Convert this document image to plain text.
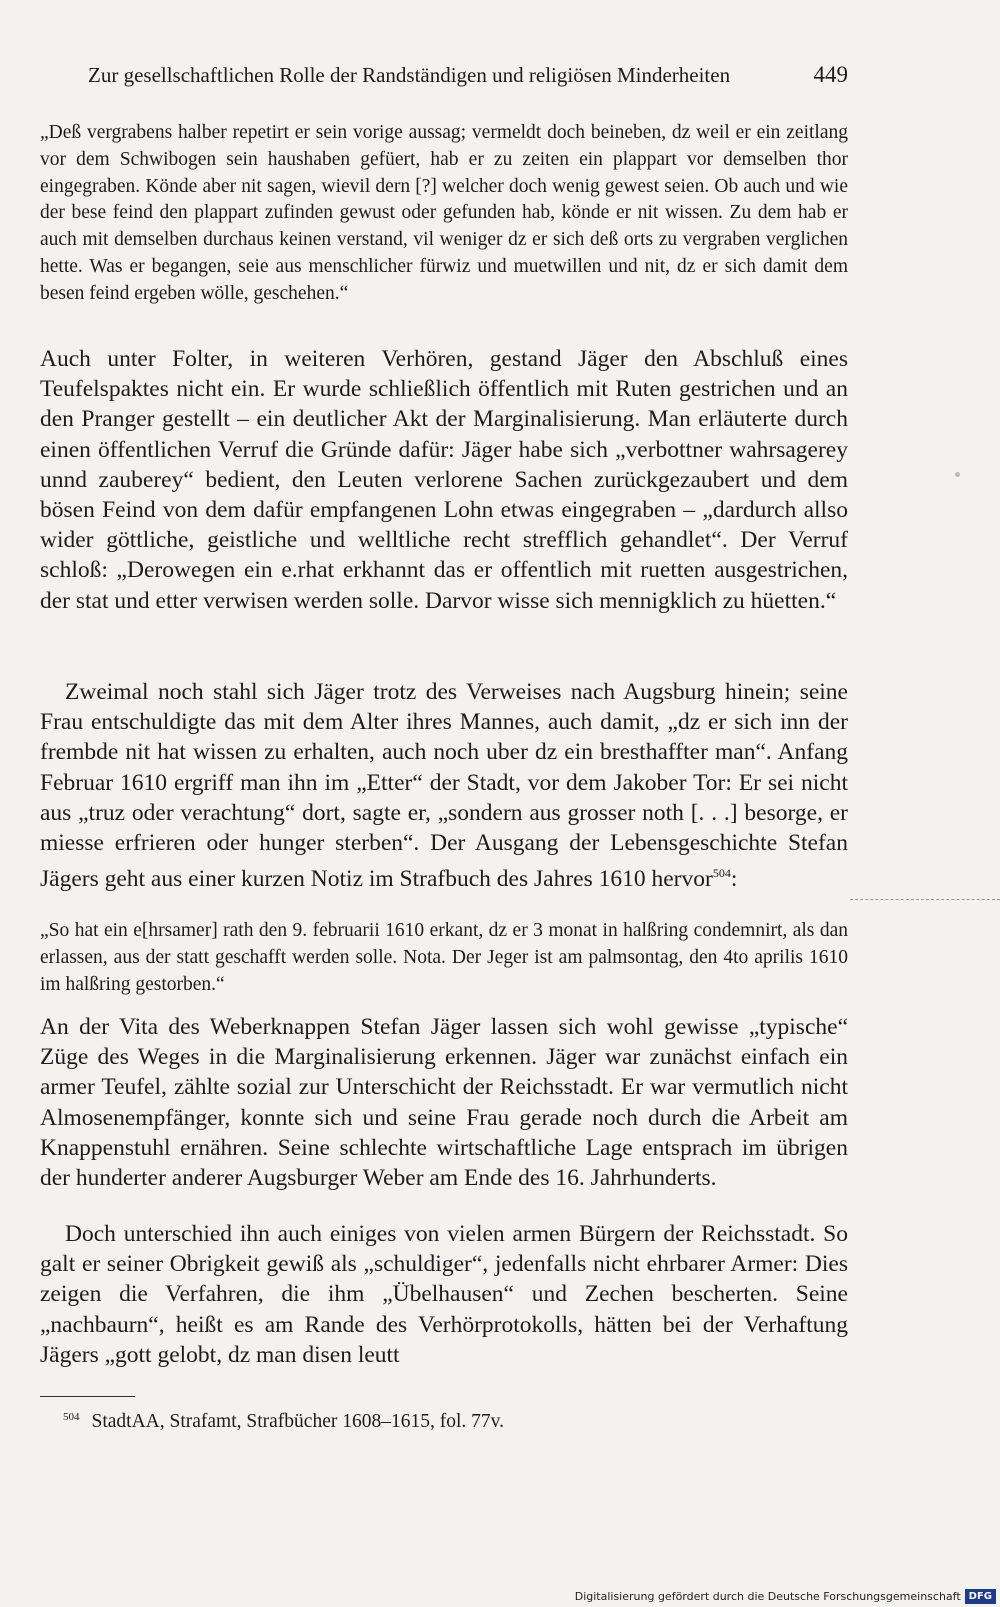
Zur gesellschaftlichen Rolle der Randständigen und religiösen Minderheiten	449

„Deß vergrabens halber repetirt er sein vorige aussag; vermeldt doch beineben, dz weil er ein zeitlang vor dem Schwibogen sein haushaben gefüert, hab er zu zeiten ein plappart vor demselben thor eingegraben. Könde aber nit sagen, wievil dern [?] welcher doch wenig gewest seien. Ob auch und wie der bese feind den plappart zufinden gewust oder gefunden hab, könde er nit wissen. Zu dem hab er auch mit demselben durchaus keinen verstand, vil weniger dz er sich deß orts zu vergraben verglichen hette. Was er begangen, seie aus menschlicher fürwiz und muetwillen und nit, dz er sich damit dem besen feind ergeben wölle, geschehen.“

Auch unter Folter, in weiteren Verhören, gestand Jäger den Abschluß eines Teufelspaktes nicht ein. Er wurde schließlich öffentlich mit Ruten gestrichen und an den Pranger gestellt – ein deutlicher Akt der Marginalisierung. Man erläuterte durch einen öffentlichen Verruf die Gründe dafür: Jäger habe sich „verbottner wahrsagerey unnd zauberey“ bedient, den Leuten verlorene Sachen zurückgezaubert und dem bösen Feind von dem dafür empfangenen Lohn etwas eingegraben – „dardurch allso wider göttliche, geistliche und welltliche recht strefflich gehandlet“. Der Verruf schloß: „Derowegen ein e.rhat erkhannt das er offentlich mit ruetten ausgestrichen, der stat und etter verwisen werden solle. Darvor wisse sich mennigklich zu hüetten.“

Zweimal noch stahl sich Jäger trotz des Verweises nach Augsburg hinein; seine Frau entschuldigte das mit dem Alter ihres Mannes, auch damit, „dz er sich inn der frembde nit hat wissen zu erhalten, auch noch uber dz ein bresthaffter man“. Anfang Februar 1610 ergriff man ihn im „Etter“ der Stadt, vor dem Jakober Tor: Er sei nicht aus „truz oder verachtung“ dort, sagte er, „sondern aus grosser noth [. . .] besorge, er miesse erfrieren oder hunger sterben“. Der Ausgang der Lebensgeschichte Stefan Jägers geht aus einer kurzen Notiz im Strafbuch des Jahres 1610 hervor$^{504}$:

„So hat ein e[hrsamer] rath den 9. februarii 1610 erkant, dz er 3 monat in halßring condemnirt, als dan erlassen, aus der statt geschafft werden solle. Nota. Der Jeger ist am palmsontag, den 4to aprilis 1610 im halßring gestorben.“

An der Vita des Weberknappen Stefan Jäger lassen sich wohl gewisse „typische“ Züge des Weges in die Marginalisierung erkennen. Jäger war zunächst einfach ein armer Teufel, zählte sozial zur Unterschicht der Reichsstadt. Er war vermutlich nicht Almosenempfänger, konnte sich und seine Frau gerade noch durch die Arbeit am Knappenstuhl ernähren. Seine schlechte wirtschaftliche Lage entsprach im übrigen der hunderter anderer Augsburger Weber am Ende des 16. Jahrhunderts.

Doch unterschied ihn auch einiges von vielen armen Bürgern der Reichsstadt. So galt er seiner Obrigkeit gewiß als „schuldiger“, jedenfalls nicht ehrbarer Armer: Dies zeigen die Verfahren, die ihm „Übelhausen“ und Zechen bescherten. Seine „nachbaurn“, heißt es am Rande des Verhörprotokolls, hätten bei der Verhaftung Jägers „gott gelobt, dz man disen leutt

$^{504}$ StadtAA, Strafamt, Strafbücher 1608–1615, fol. 77v.
Digitalisierung gefördert durch die Deutsche Forschungsgemeinschaft DFG
